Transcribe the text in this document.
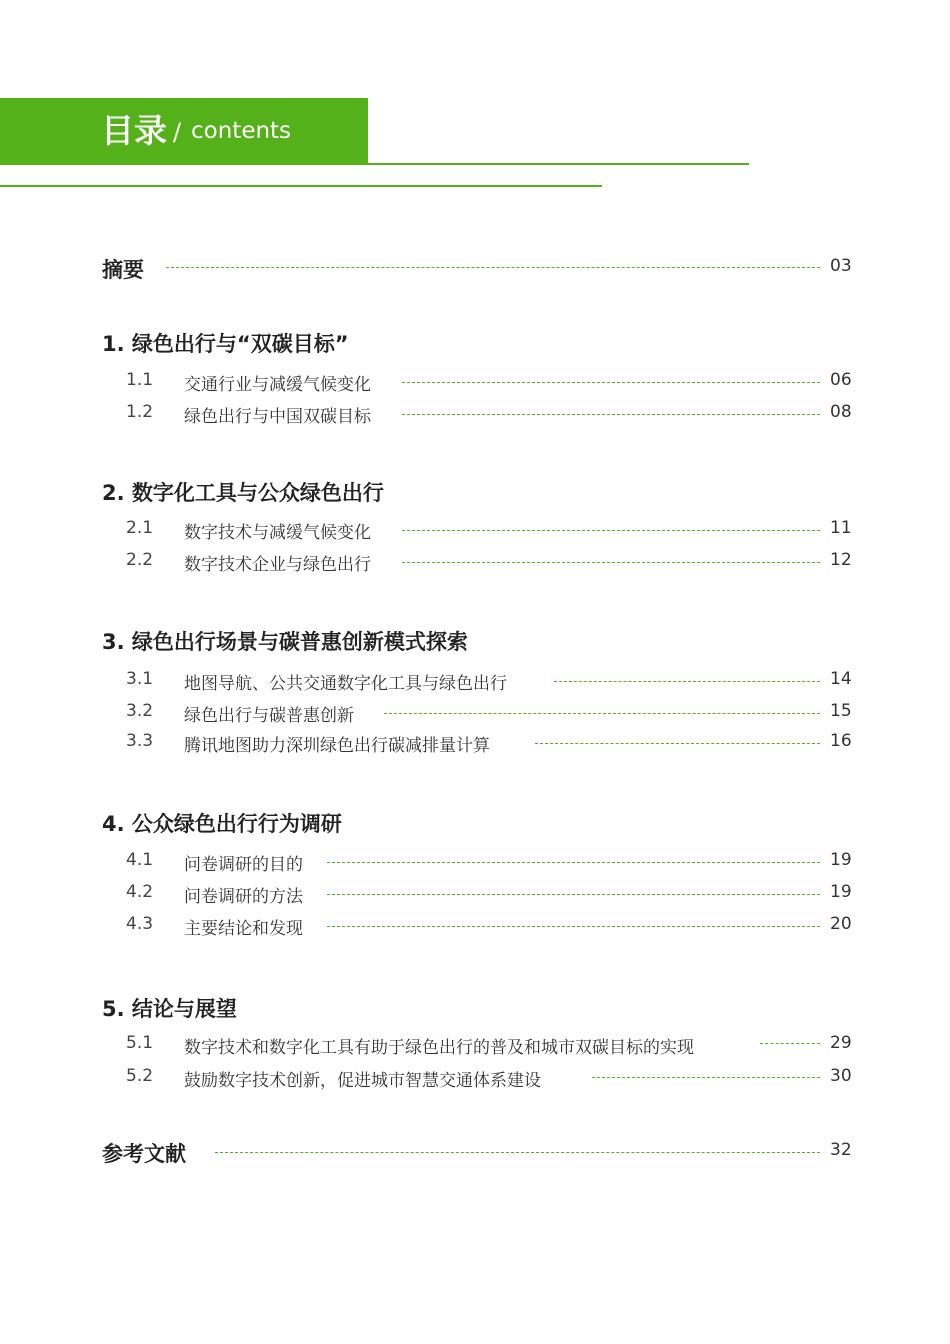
目录 / contents
摘要	03
1. 绿色出行与“双碳目标”
1.1 交通行业与减缓气候变化	06
1.2 绿色出行与中国双碳目标	08
2. 数字化工具与公众绿色出行
2.1 数字技术与减缓气候变化	11
2.2 数字技术企业与绿色出行	12
3. 绿色出行场景与碳普惠创新模式探索
3.1 地图导航、公共交通数字化工具与绿色出行	14
3.2 绿色出行与碳普惠创新	15
3.3 腾讯地图助力深圳绿色出行碳减排量计算	16
4. 公众绿色出行行为调研
4.1 问卷调研的目的	19
4.2 问卷调研的方法	19
4.3 主要结论和发现	20
5. 结论与展望
5.1 数字技术和数字化工具有助于绿色出行的普及和城市双碳目标的实现	29
5.2 鼓励数字技术创新，促进城市智慧交通体系建设	30
参考文献	32
